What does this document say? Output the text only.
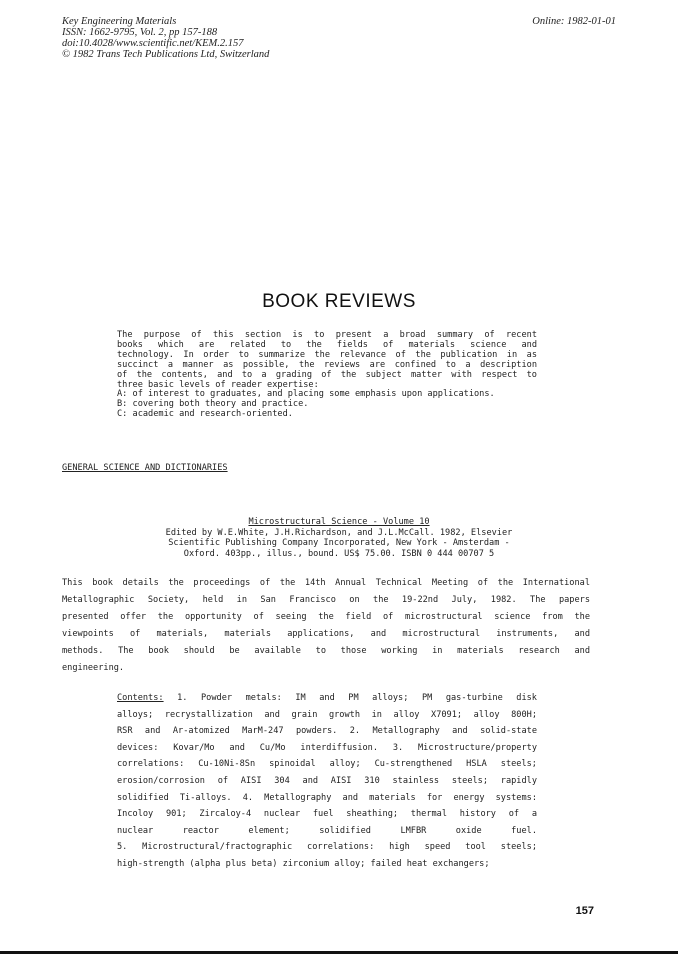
Key Engineering Materials
ISSN: 1662-9795, Vol. 2, pp 157-188
doi:10.4028/www.scientific.net/KEM.2.157
© 1982 Trans Tech Publications Ltd, Switzerland
Online: 1982-01-01
BOOK REVIEWS
The purpose of this section is to present a broad summary of recent
books which are related to the fields of materials science and
technology. In order to summarize the relevance of the publication in as
succinct a manner as possible, the reviews are confined to a description
of the contents, and to a grading of the subject matter with respect to
three basic levels of reader expertise:
A: of interest to graduates, and placing some emphasis upon applications.
B: covering both theory and practice.
C: academic and research-oriented.
GENERAL SCIENCE AND DICTIONARIES
Microstructural Science - Volume 10
Edited by W.E.White, J.H.Richardson, and J.L.McCall. 1982, Elsevier
Scientific Publishing Company Incorporated, New York - Amsterdam -
Oxford. 403pp., illus., bound. US$ 75.00. ISBN 0 444 00707 5
This book details the proceedings of the 14th Annual Technical Meeting of the International
Metallographic Society, held in San Francisco on the 19-22nd July, 1982. The papers
presented offer the opportunity of seeing the field of microstructural science from the
viewpoints of materials, materials applications, and microstructural instruments, and
methods. The book should be available to those working in materials research and
engineering.
Contents: 1. Powder metals: IM and PM alloys; PM gas-turbine disk
alloys; recrystallization and grain growth in alloy X7091; alloy 800H;
RSR and Ar-atomized MarM-247 powders. 2. Metallography and solid-state
devices: Kovar/Mo and Cu/Mo interdiffusion. 3. Microstructure/property
correlations: Cu-10Ni-8Sn spinoidal alloy; Cu-strengthened HSLA steels;
erosion/corrosion of AISI 304 and AISI 310 stainless steels; rapidly
solidified Ti-alloys. 4. Metallography and materials for energy systems:
Incoloy 901; Zircaloy-4 nuclear fuel sheathing; thermal history of a
nuclear reactor element; solidified LMFBR oxide fuel.
5. Microstructural/fractographic correlations: high speed tool steels;
high-strength (alpha plus beta) zirconium alloy; failed heat exchangers;
157
